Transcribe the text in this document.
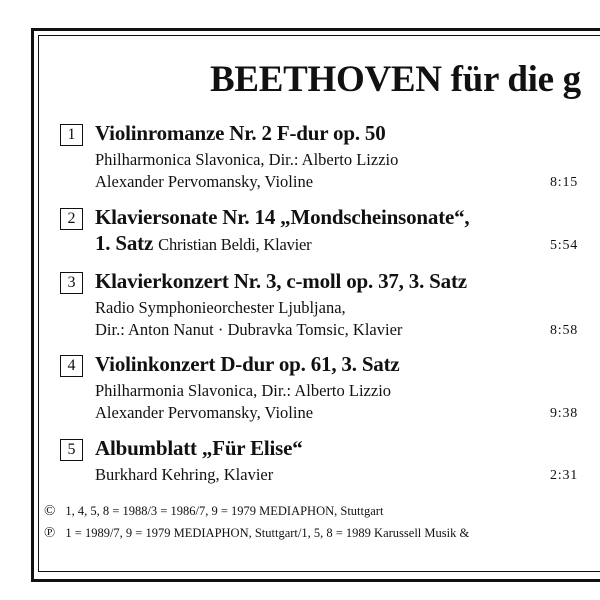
BEETHOVEN für die g
1 Violinromanze Nr. 2 F-dur op. 50
Philharmonica Slavonica, Dir.: Alberto Lizzio
Alexander Pervomansky, Violine	8:15
2 Klaviersonate Nr. 14 „Mondscheinsonate“,
1. Satz Christian Beldi, Klavier	5:54
3 Klavierkonzert Nr. 3, c-moll op. 37, 3. Satz
Radio Symphonieorchester Ljubljana,
Dir.: Anton Nanut · Dubravka Tomsic, Klavier	8:58
4 Violinkonzert D-dur op. 61, 3. Satz
Philharmonia Slavonica, Dir.: Alberto Lizzio
Alexander Pervomansky, Violine	9:38
5 Albumblatt „Für Elise“
Burkhard Kehring, Klavier	2:31
© 1, 4, 5, 8 = 1988/3 = 1986/7, 9 = 1979 MEDIAPHON, Stuttgart
℗ 1 = 1989/7, 9 = 1979 MEDIAPHON, Stuttgart/1, 5, 8 = 1989 Karussell Musik &
